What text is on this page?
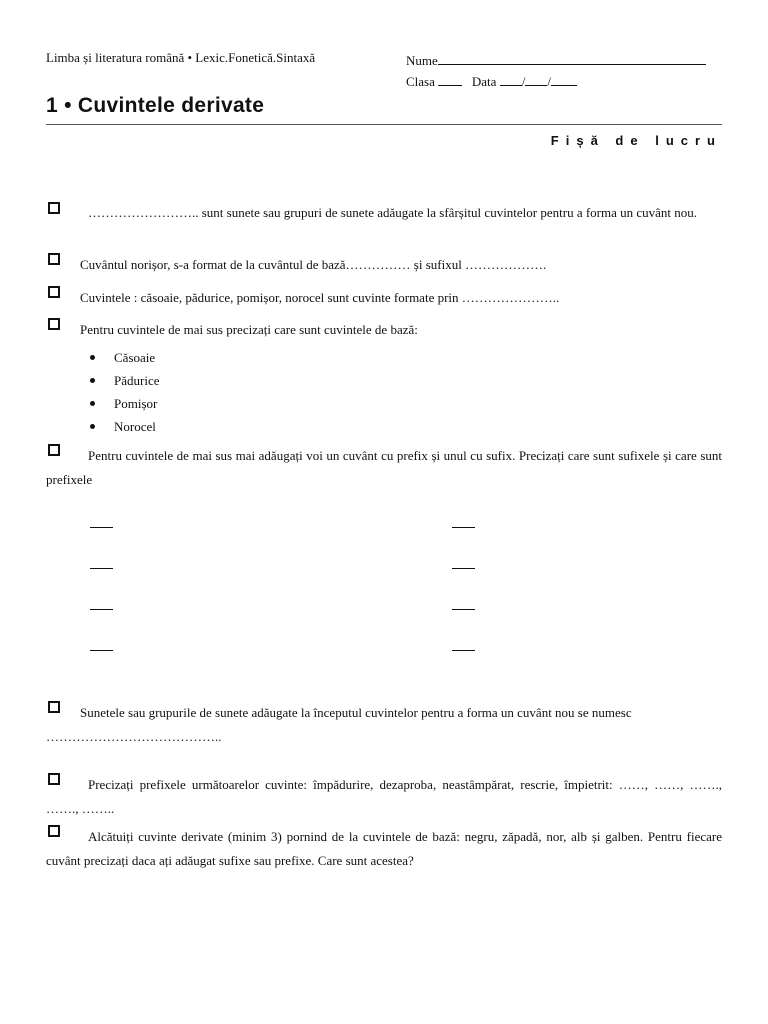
Limba și literatura română • Lexic.Fonetică.Sintaxă	Nume
Clasa	Data / /
1 • Cuvintele derivate
Fișă de lucru
…………………….. sunt sunete sau grupuri de sunete adăugate la sfârșitul cuvintelor pentru a forma un cuvânt nou.
Cuvântul norișor, s-a format de la cuvântul de bază…………… și sufixul ……………….
Cuvintele : căsoaie, pădurice, pomișor, norocel sunt cuvinte formate prin …………………..
Pentru cuvintele de mai sus precizați care sunt cuvintele de bază:
Căsoaie
Pădurice
Pomișor
Norocel
Pentru cuvintele de mai sus mai adăugați voi un cuvânt cu prefix și unul cu sufix. Precizați care sunt sufixele și care sunt prefixele
Sunetele sau grupurile de sunete adăugate la începutul cuvintelor pentru a forma un cuvânt nou se numesc …………………………………..
Precizați prefixele următoarelor cuvinte: împădurire, dezaproba, neastâmpărat, rescrie, împietrit: ……, ……, ……., ……., ……..
Alcătuiți cuvinte derivate (minim 3) pornind de la cuvintele de bază: negru, zăpadă, nor, alb și galben. Pentru fiecare cuvânt precizați daca ați adăugat sufixe sau prefixe. Care sunt acestea?
